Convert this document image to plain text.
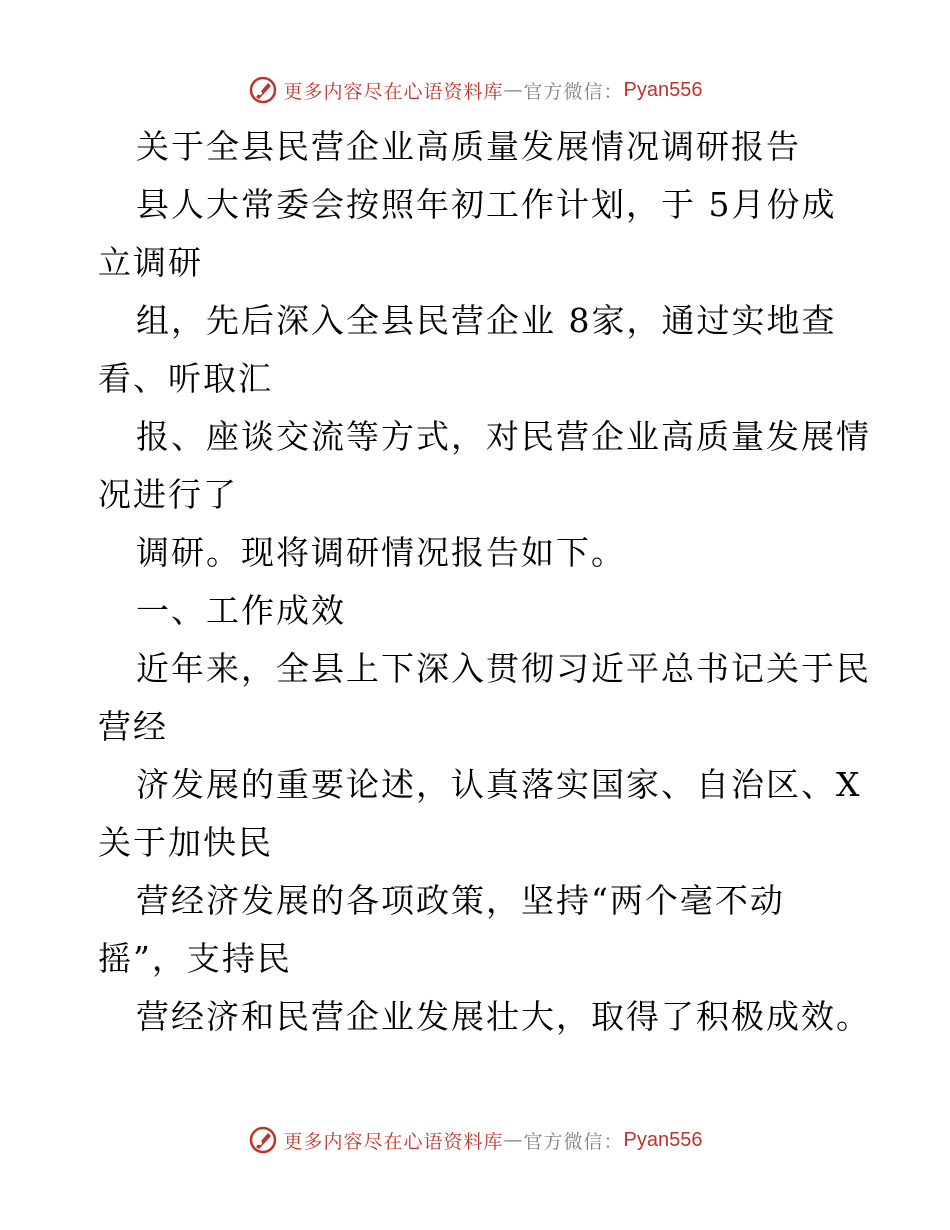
更多内容尽在心语资料库 — 官方微信： Pyan556
关于全县民营企业高质量发展情况调研报告
县人大常委会按照年初工作计划，于 5月份成
立调研
组，先后深入全县民营企业 8家，通过实地查
看、听取汇
报、座谈交流等方式，对民营企业高质量发展情
况进行了
调研。现将调研情况报告如下。
一、工作成效
近年来，全县上下深入贯彻习近平总书记关于民
营经
济发展的重要论述，认真落实国家、自治区、X
关于加快民
营经济发展的各项政策，坚持“两个毫不动
摇”，支持民
营经济和民营企业发展壮大，取得了积极成效。
更多内容尽在心语资料库 — 官方微信： Pyan556
